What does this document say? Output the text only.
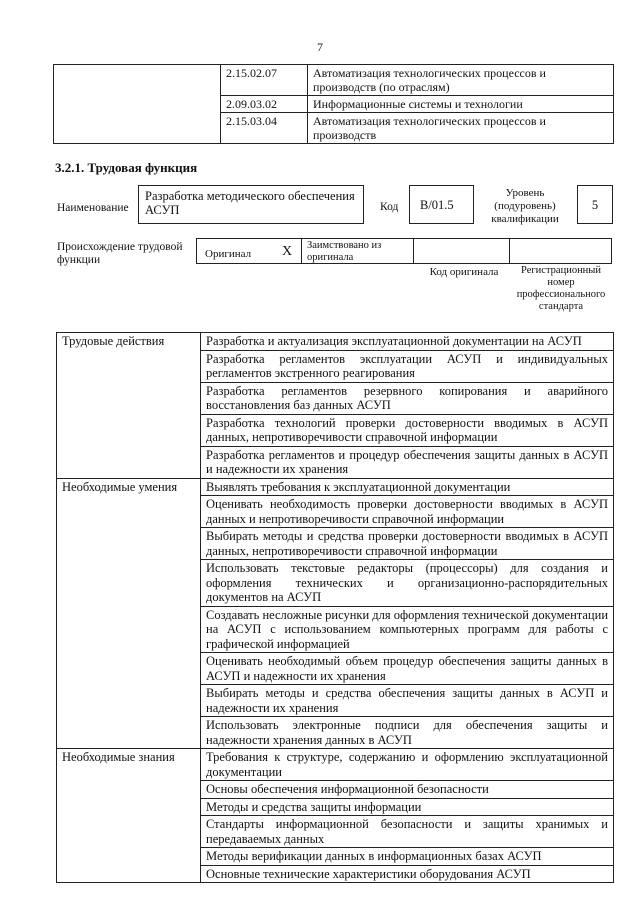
7
	2.15.02.07	Автоматизация технологических процессов и производств (по отраслям)
	2.09.03.02	Информационные системы и технологии
	2.15.03.04	Автоматизация технологических процессов и производств
3.2.1. Трудовая функция
Наименование
Разработка методического обеспечения АСУП	Код	B/01.5
Уровень (подуровень) квалификации
5
Происхождение трудовой функции	Оригинал X Заимствовано из оригинала
Код оригинала	Регистрационный номер профессионального стандарта
Трудовые действия	Разработка и актуализация эксплуатационной документации на АСУП
	Разработка регламентов эксплуатации АСУП и индивидуальных регламентов экстренного реагирования
	Разработка регламентов резервного копирования и аварийного восстановления баз данных АСУП
	Разработка технологий проверки достоверности вводимых в АСУП данных, непротиворечивости справочной информации
	Разработка регламентов и процедур обеспечения защиты данных в АСУП и надежности их хранения
Необходимые умения	Выявлять требования к эксплуатационной документации
	Оценивать необходимость проверки достоверности вводимых в АСУП данных и непротиворечивости справочной информации
	Выбирать методы и средства проверки достоверности вводимых в АСУП данных, непротиворечивости справочной информации
	Использовать текстовые редакторы (процессоры) для создания и оформления технических и организационно-распорядительных документов на АСУП
	Создавать несложные рисунки для оформления технической документации на АСУП с использованием компьютерных программ для работы с графической информацией
	Оценивать необходимый объем процедур обеспечения защиты данных в АСУП и надежности их хранения
	Выбирать методы и средства обеспечения защиты данных в АСУП и надежности их хранения
	Использовать электронные подписи для обеспечения защиты и надежности хранения данных в АСУП
Необходимые знания	Требования к структуре, содержанию и оформлению эксплуатационной документации
	Основы обеспечения информационной безопасности
	Методы и средства защиты информации
	Стандарты информационной безопасности и защиты хранимых и передаваемых данных
	Методы верификации данных в информационных базах АСУП
	Основные технические характеристики оборудования АСУП
